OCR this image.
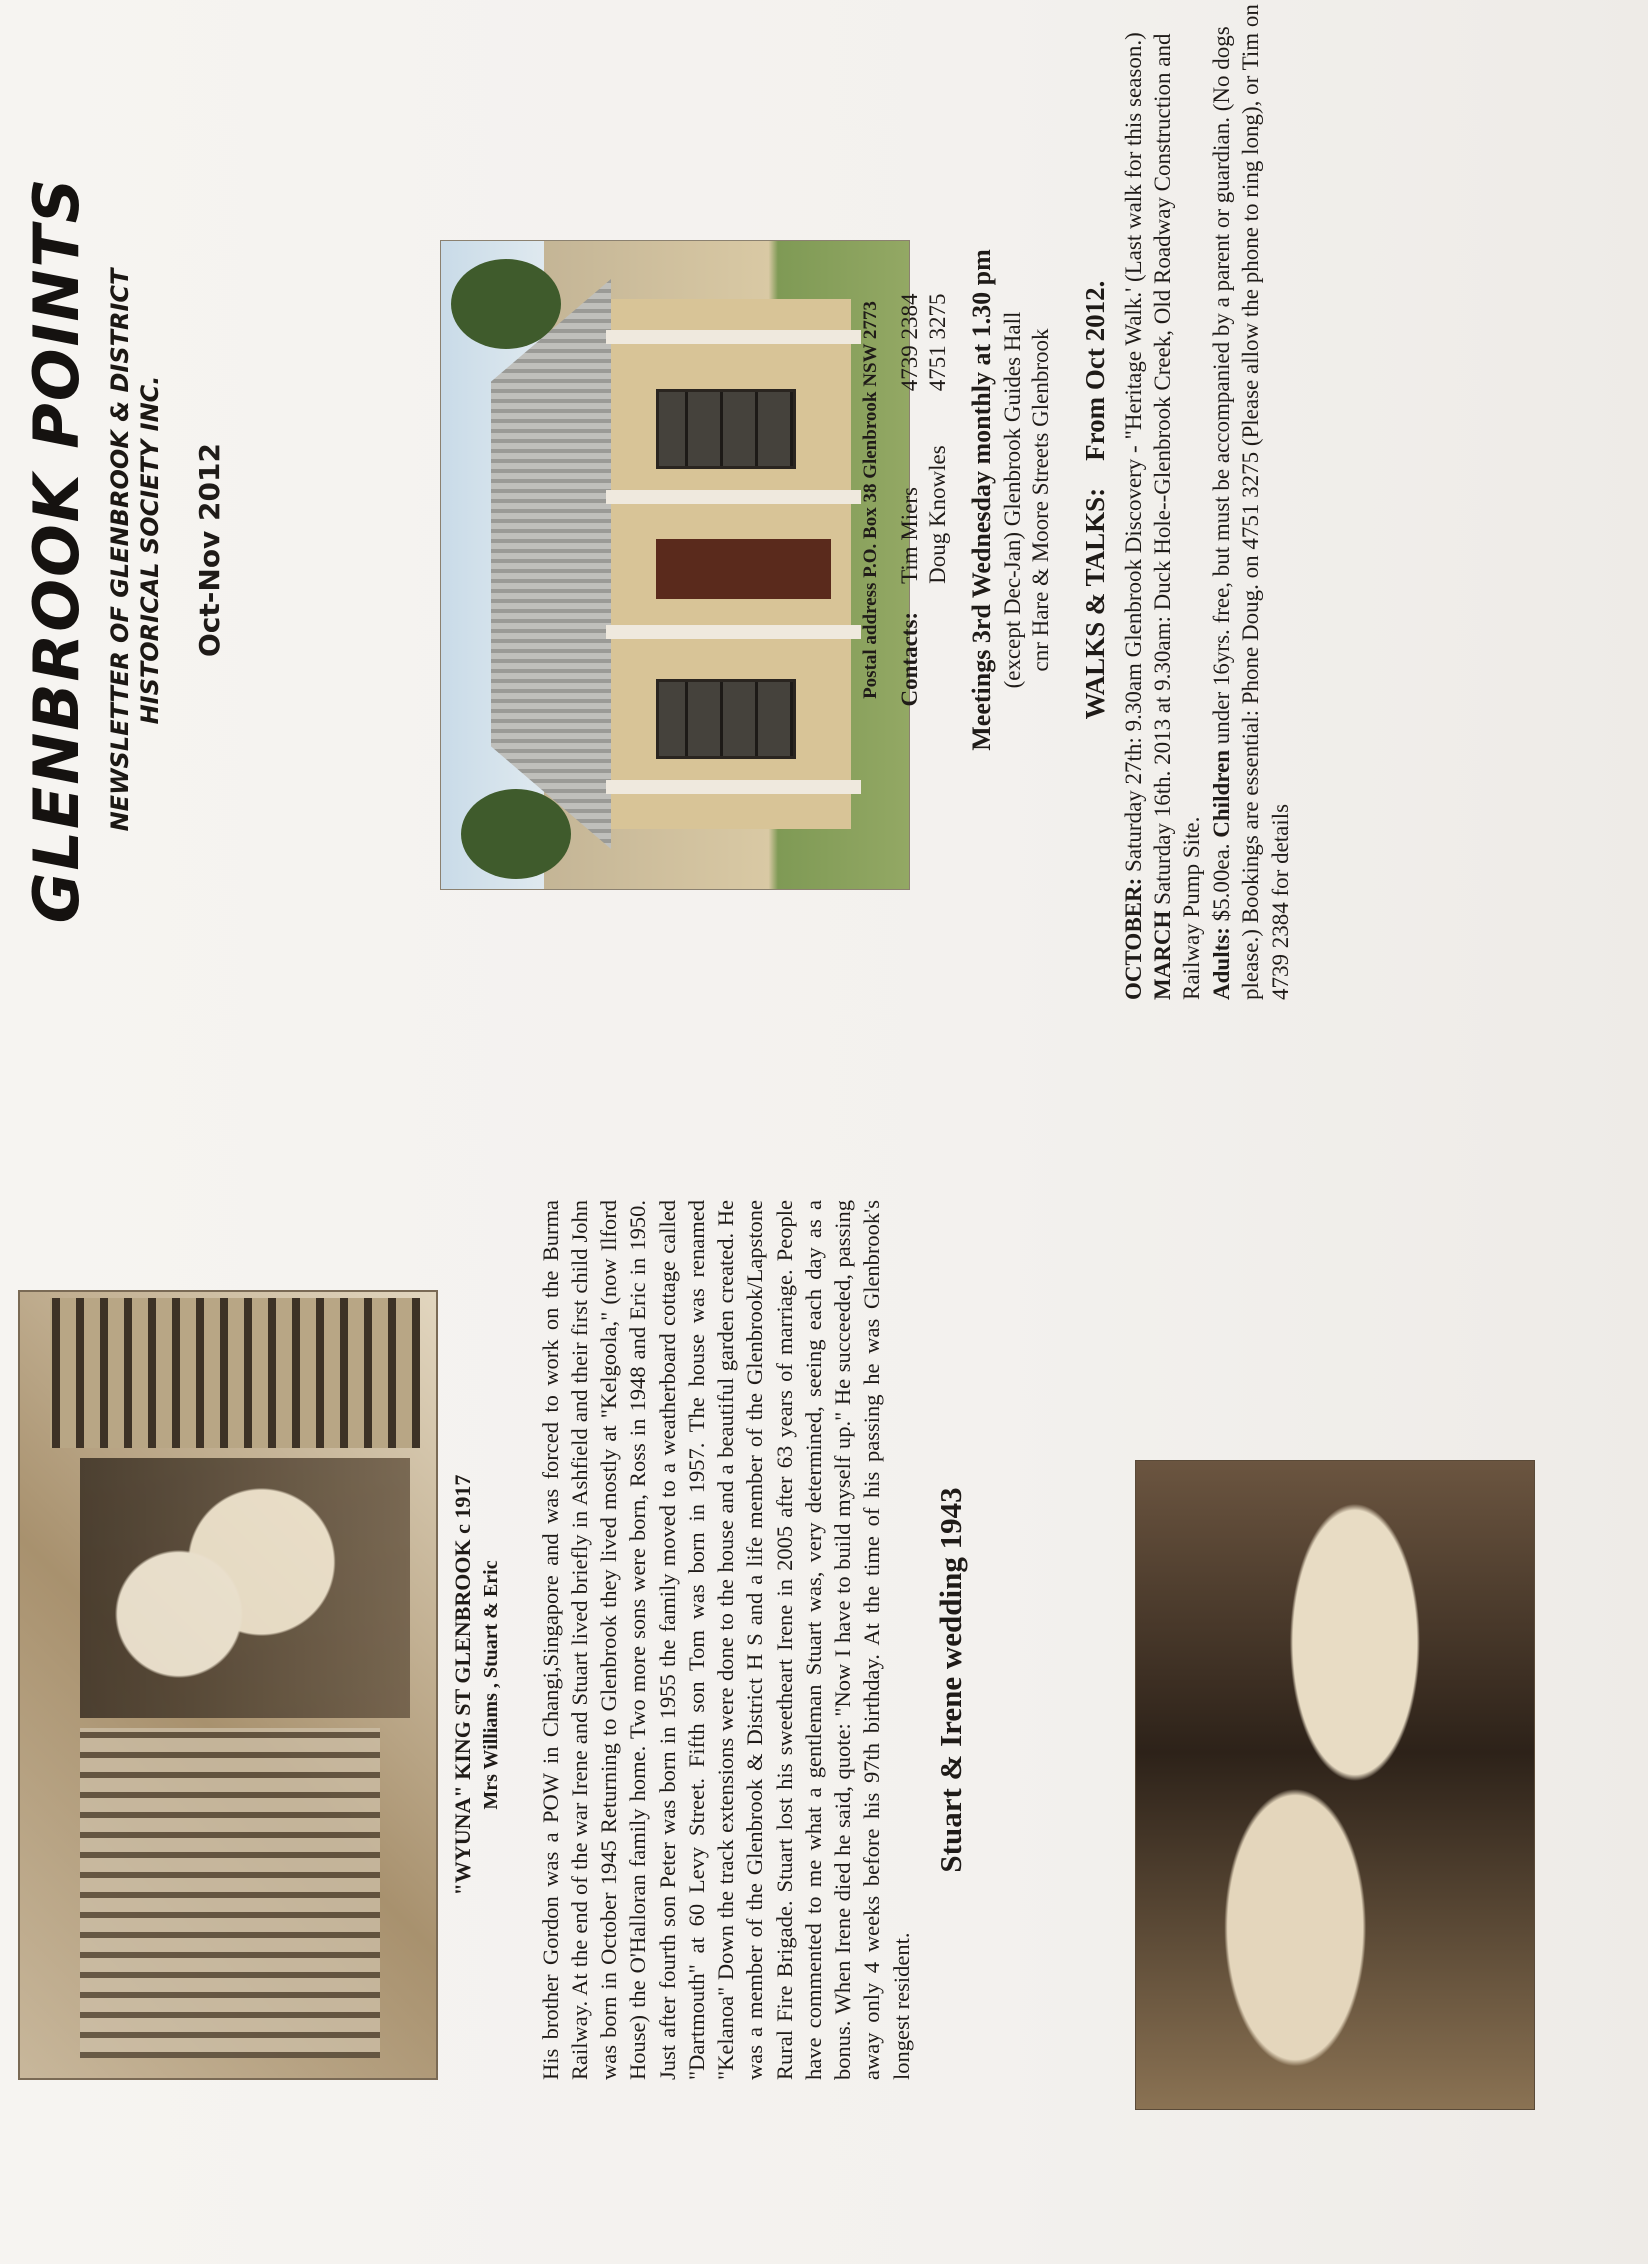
"WYUNA" KING ST GLENBROOK c 1917 Mrs Williams , Stuart & Eric His brother Gordon was a POW in Changi,Singapore and was forced to work on the Burma Railway. At the end of the war Irene and Stuart lived briefly in Ashfield and their first child John was born in October 1945 Returning to Glenbrook they lived mostly at "Kelgoola," (now Ilford House) the O'Halloran family home. Two more sons were born, Ross in 1948 and Eric in 1950. Just after fourth son Peter was born in 1955 the family moved to a weatherboard cottage called "Dartmouth" at 60 Levy Street. Fifth son Tom was born in 1957. The house was renamed "Kelanoa" Down the track extensions were done to the house and a beautiful garden created. He was a member of the Glenbrook & District H S and a life member of the Glenbrook/Lapstone Rural Fire Brigade. Stuart lost his sweetheart Irene in 2005 after 63 years of marriage. People have commented to me what a gentleman Stuart was, very determined, seeing each day as a bonus. When Irene died he said, quote: "Now I have to build myself up." He succeeded, passing away only 4 weeks before his 97th birthday. At the time of his passing he was Glenbrook's longest resident.

Stuart & Irene wedding 1943
GLENBROOK POINTS NEWSLETTER OF GLENBROOK & DISTRICT HISTORICAL SOCIETY INC. Oct-Nov 2012	Postal address P.O. Box 38 Glenbrook NSW 2773 Contacts:	Tim Miers	4739 2384
	Doug Knowles	4751 3275 Meetings 3rd Wednesday monthly at 1.30 pm (except Dec-Jan) Glenbrook Guides Hall cnr Hare & Moore Streets Glenbrook WALKS & TALKS:    From Oct 2012.
OCTOBER: Saturday 27th: 9.30am Glenbrook Discovery - "Heritage Walk.' (Last walk for this season.)
MARCH Saturday 16th. 2013 at 9.30am: Duck Hole--Glenbrook Creek, Old Roadway Construction and Railway Pump Site. Adults: $5.00ea. Children under 16yrs. free, but must be accompanied by a parent or guardian. (No dogs please.) Bookings are essential: Phone Doug. on 4751 3275 (Please allow the phone to ring long), or Tim on 4739 2384 for details
